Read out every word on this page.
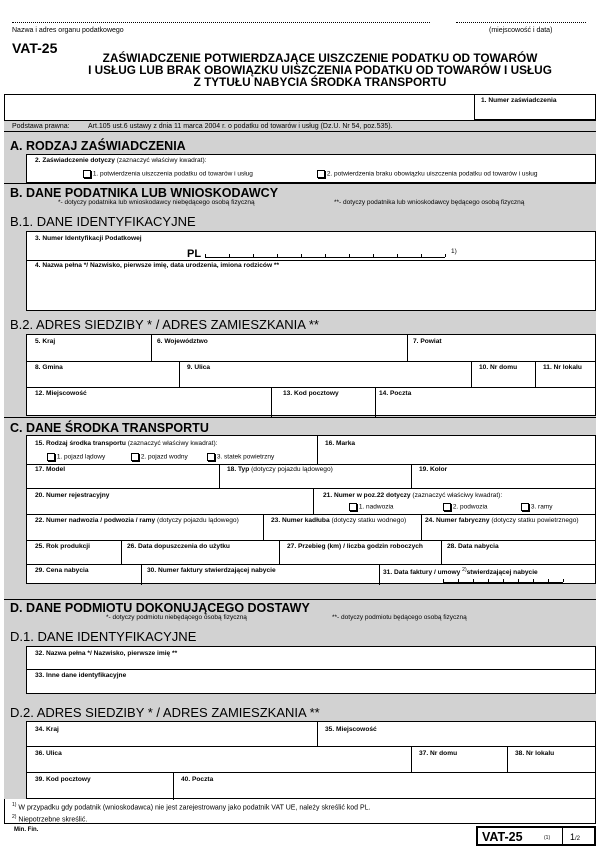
Nazwa i adres organu podatkowego	(miejscowość i data)
VAT-25
ZAŚWIADCZENIE POTWIERDZAJĄCE UISZCZENIE PODATKU OD TOWARÓW
I USŁUG LUB BRAK OBOWIĄZKU UISZCZENIA PODATKU OD TOWARÓW I USŁUG
Z TYTUŁU NABYCIA ŚRODKA TRANSPORTU
1. Numer zaświadczenia
Podstawa prawna:	Art.105 ust.6 ustawy z dnia 11 marca 2004 r. o podatku od towarów i usług (Dz.U. Nr 54, poz.535).
A. RODZAJ ZAŚWIADCZENIA
2. Zaświadczenie dotyczy (zaznaczyć właściwy kwadrat):
1. potwierdzenia uiszczenia podatku od towarów i usług	2. potwierdzenia braku obowiązku uiszczenia podatku od towarów i usług
B. DANE PODATNIKA LUB WNIOSKODAWCY
*- dotyczy podatnika lub wnioskodawcy niebędącego osobą fizyczną	**- dotyczy podatnika lub wnioskodawcy będącego osobą fizyczną
B.1. DANE IDENTYFIKACYJNE
3. Numer Identyfikacji Podatkowej
PL	1)
4. Nazwa pełna */ Nazwisko, pierwsze imię, data urodzenia, imiona rodziców **
B.2. ADRES SIEDZIBY * / ADRES ZAMIESZKANIA **
5. Kraj	6. Województwo	7. Powiat
8. Gmina	9. Ulica	10. Nr domu	11. Nr lokalu
12. Miejscowość	13. Kod pocztowy	14. Poczta
C. DANE ŚRODKA TRANSPORTU
15. Rodzaj środka transportu (zaznaczyć właściwy kwadrat):
1. pojazd lądowy	2. pojazd wodny	3. statek powietrzny
16. Marka
17. Model	18. Typ (dotyczy pojazdu lądowego)	19. Kolor
20. Numer rejestracyjny	21. Numer w poz.22 dotyczy (zaznaczyć właściwy kwadrat):
1. nadwozia	2. podwozia	3. ramy
22. Numer nadwozia / podwozia / ramy (dotyczy pojazdu lądowego)	23. Numer kadłuba (dotyczy statku wodnego)	24. Numer fabryczny (dotyczy statku powietrznego)
25. Rok produkcji	26. Data dopuszczenia do użytku	27. Przebieg (km) / liczba godzin roboczych	28. Data nabycia
29. Cena nabycia	30. Numer faktury stwierdzającej nabycie	31. Data faktury / umowy $^{2)}$stwierdzającej nabycie
D. DANE PODMIOTU DOKONUJĄCEGO DOSTAWY
*- dotyczy podmiotu niebędącego osobą fizyczną	**- dotyczy podmiotu będącego osobą fizyczną
D.1. DANE IDENTYFIKACYJNE
32. Nazwa pełna */ Nazwisko, pierwsze imię **
33. Inne dane identyfikacyjne
D.2. ADRES SIEDZIBY * / ADRES ZAMIESZKANIA **
34. Kraj	35. Miejscowość
36. Ulica	37. Nr domu	38. Nr lokalu
39. Kod pocztowy	40. Poczta
$^{1)}$ W przypadku gdy podatnik (wnioskodawca) nie jest zarejestrowany jako podatnik VAT UE, należy skreślić kod PL.
$^{2)}$ Niepotrzebne skreślić.
Min. Fin.	VAT-25	(1) 1/2
